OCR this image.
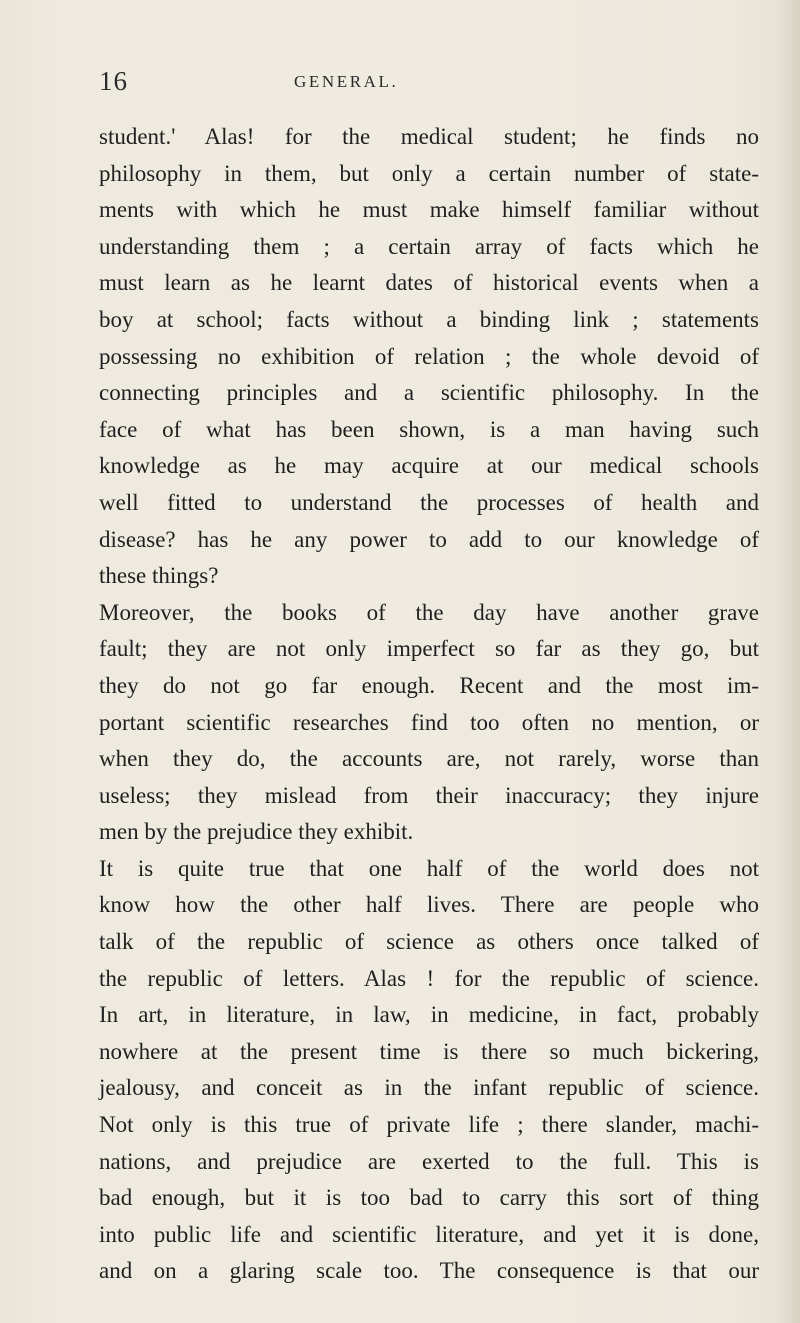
16	GENERAL.
student.' Alas! for the medical student; he finds no
philosophy in them, but only a certain number of state-
ments with which he must make himself familiar without
understanding them ; a certain array of facts which he
must learn as he learnt dates of historical events when a
boy at school; facts without a binding link ; statements
possessing no exhibition of relation ; the whole devoid of
connecting principles and a scientific philosophy. In the
face of what has been shown, is a man having such
knowledge as he may acquire at our medical schools
well fitted to understand the processes of health and
disease? has he any power to add to our knowledge of
these things?
Moreover, the books of the day have another grave
fault; they are not only imperfect so far as they go, but
they do not go far enough. Recent and the most im-
portant scientific researches find too often no mention, or
when they do, the accounts are, not rarely, worse than
useless; they mislead from their inaccuracy; they injure
men by the prejudice they exhibit.
It is quite true that one half of the world does not
know how the other half lives. There are people who
talk of the republic of science as others once talked of
the republic of letters. Alas ! for the republic of science.
In art, in literature, in law, in medicine, in fact, probably
nowhere at the present time is there so much bickering,
jealousy, and conceit as in the infant republic of science.
Not only is this true of private life ; there slander, machi-
nations, and prejudice are exerted to the full. This is
bad enough, but it is too bad to carry this sort of thing
into public life and scientific literature, and yet it is done,
and on a glaring scale too. The consequence is that our
